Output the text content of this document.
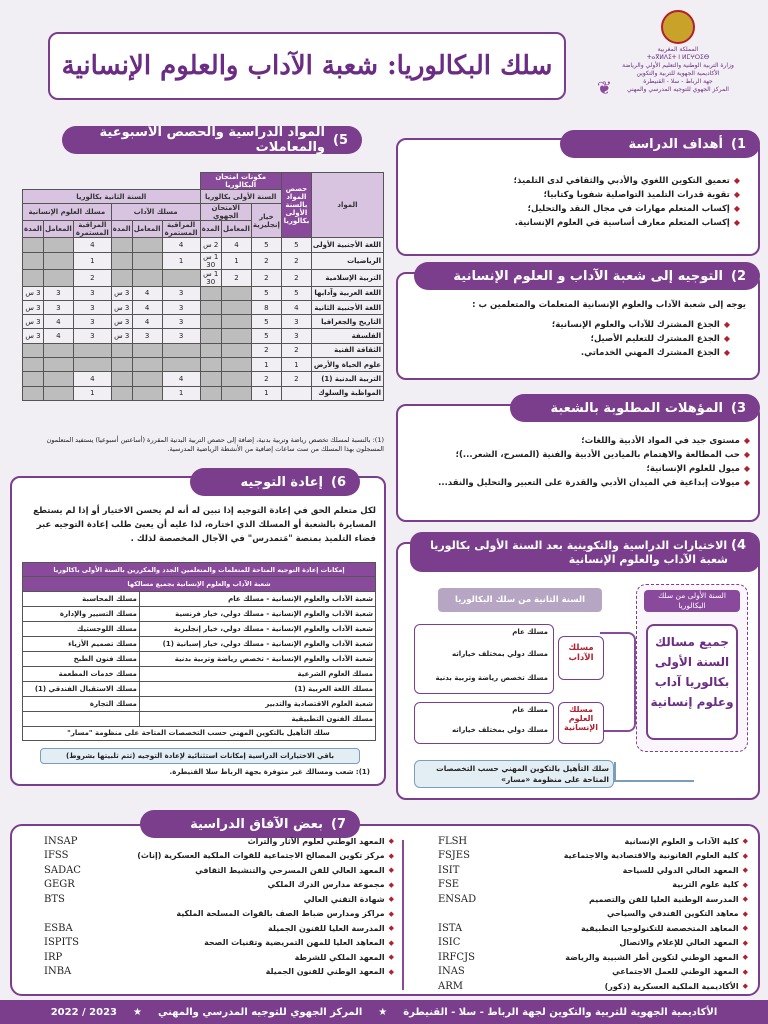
المملكة المغربية
ⵜⴰⴳⵍⴷⵉⵜ ⵏ ⵍⵎⵖⵔⵉⴱ
وزارة التربية الوطنية والتعليم الأولي والرياضة
الأكاديمية الجهوية للتربية والتكوين
جهة الرباط - سلا - القنيطرة
المركز الجهوي للتوجيه المدرسي والمهني
سلك البكالوريا: شعبة الآداب والعلوم الإنسانية
❦
1)
أهداف الدراسة
◆
تعميق التكوين اللغوي والأدبي والثقافي لدى التلميذ؛
◆
تقوية قدرات التلميذ التواصلية شفويا وكتابيا؛
◆
إكساب المتعلم مهارات في مجال النقد والتحليل؛
◆
إكساب المتعلم معارف أساسية في العلوم الإنسانية.
2)
التوجيه إلى شعبة الآداب و العلوم الإنسانية
يوجه إلى شعبة الآداب والعلوم الإنسانية المتعلمات والمتعلمين ب :
◆
الجذع المشترك للآداب والعلوم الإنسانية؛
◆
الجذع المشترك للتعليم الأصيل؛
◆
الجذع المشترك المهني الخدماتي.
3)
المؤهلات المطلوبة بالشعبة
◆
مستوى جيد في المواد الأدبية واللغات؛
◆
حب المطالعة والاهتمام بالميادين الأدبية والفنية (المسرح، الشعر...)؛
◆
ميول للعلوم الإنسانية؛
◆
ميولات إبداعية في الميدان الأدبي والقدرة على التعبير والتحليل والنقد...
4) الاختيارات الدراسية والتكوينية بعد السنة الأولى بكالوريا
شعبة الآداب والعلوم الإنسانية
السنة الأولى من سلك البكالوريا
جميع مسالك السنة الأولى بكالوريا آداب وعلوم إنسانية
السنة الثانية من سلك البكالوريا
مسلك الآداب
مسلك عام
مسلك دولي بمختلف خياراته
مسلك تخصص رياضة وتربية بدنية
مسلك العلوم الإنسانية
مسلك عام
مسلك دولي بمختلف خياراته
سلك التأهيل بالتكوين المهني حسب التخصصات المتاحة على منظومة «مسار»
5)
المواد الدراسية والحصص الأسبوعية والمعاملات
المواد	حصص المواد بالسنة الأولى بكالوريا	مكونات امتحان البكالوريا							
		السنة الأولى بكالوريا			السنة الثانية بكالوريا					
		خيار إنجليزية	الامتحان الجهوي		مسلك الآداب			مسلك العلوم الإنسانية		
			المعامل	المدة	المراقبة المستمرة	المعامل	المدة	المراقبة المستمرة	المعامل	المدة
اللغة الأجنبية الأولى	5	5	4	2 س	4			4		
الرياضيات	2	2	1	1 س 30	1			1		
التربية الإسلامية	2	2	2	1 س 30				2		
اللغة العربية وآدابها	5	5			3	4	3 س	3	3	3 س
اللغة الأجنبية الثانية	4	8			3	4	3 س	3	3	3 س
التاريخ والجغرافيا	3	5			3	4	3 س	3	4	3 س
الفلسفة	3	5			3	3	3 س	3	4	3 س
الثقافة الفنية	2	2								
علوم الحياة والأرض	1	1								
التربية البدنية (1)	2	2			4			4		
المواظبة والسلوك		1			1			1		
(1): بالنسبة لمسلك تخصص رياضة وتربية بدنية، إضافة إلى حصص التربية البدنية المقررة (أساعتين أسبوعيا) يستفيد المتعلمون المسجلون بهذا المسلك من ست ساعات إضافية من الأنشطة الرياضية المدرسية.
6)
إعادة التوجيه
لكل متعلم الحق في إعادة التوجيه إذا تبين له أنه لم يحسن الاختيار أو إذا لم يستطع المسايرة بالشعبة أو المسلك الذي اختاره، لذا عليه أن يعبئ طلب إعادة التوجيه عبر فضاء التلميذ بمنصة "مَتمدرس" في الآجال المخصصة لذلك .
إمكانات إعادة التوجيه المتاحة للمتعلمات والمتعلمين الجدد والمكررين بالسنة الأولى باكالوريا	
شعبة الآداب والعلوم الإنسانية بجميع مسالكها	
شعبة الآداب والعلوم الإنسانية - مسلك عام	مسلك المحاسبة
شعبة الآداب والعلوم الإنسانية - مسلك دولي، خيار فرنسية	مسلك التسيير والإدارة
شعبة الآداب والعلوم الإنسانية - مسلك دولي، خيار إنجليزية	مسلك اللوجستيك
شعبة الآداب والعلوم الإنسانية - مسلك دولي، خيار إسبانية (1)	مسلك تصميم الأزياء
شعبة الآداب والعلوم الإنسانية - تخصص رياضة وتربية بدنية	مسلك فنون الطبخ
مسلك العلوم الشرعية	مسلك خدمات المطعمة
مسلك اللغة العربية (1)	مسلك الاستقبال الفندقي (1)
شعبة العلوم الاقتصادية والتدبير	مسلك التجارة
مسلك الفنون التطبيقية	
سلك التأهيل بالتكوين المهني حسب التخصصات المتاحة على منظومة "مسار"	
باقي الاختيارات الدراسية إمكانات استثنائية لإعادة التوجيه (تتم تلبيتها بشروط)
(1): شعب ومسالك غير متوفرة بجهة الرباط سلا القنيطرة.
7)
بعض الآفاق الدراسية
◆
كلية الآداب و العلوم الإنسانية
FLSH
◆
كلية العلوم القانونية والاقتصادية والاجتماعية
FSJES
◆
المعهد العالي الدولي للسياحة
ISIT
◆
كلية علوم التربية
FSE
◆
المدرسة الوطنية العليا للفن والتصميم
ENSAD
◆
معاهد التكوين الفندقي والسياحي
◆
المعاهد المتخصصة للتكنولوجيا التطبيقية
ISTA
◆
المعهد العالي للإعلام والاتصال
ISIC
◆
المعهد الوطني لتكوين أطر الشبيبة والرياضة
IRFCJS
◆
المعهد الوطني للعمل الاجتماعي
INAS
◆
الأكاديمية الملكية العسكرية (ذكور)
ARM
◆
المعهد الوطني لعلوم الآثار والتراث
INSAP
◆
مركز تكوين المصالح الاجتماعية للقوات الملكية العسكرية (إناث)
IFSS
◆
المعهد العالي للفن المسرحي والتنشيط الثقافي
SADAC
◆
مجموعة مدارس الدرك الملكي
GEGR
◆
شهادة التقني العالي
BTS
◆
مراكز ومدارس ضباط الصف بالقوات المسلحة الملكية
◆
المدرسة العليا للفنون الجميلة
ESBA
◆
المعاهد العليا للمهن التمريضية وتقنيات الصحة
ISPITS
◆
المعهد الملكي للشرطة
IRP
◆
المعهد الوطني للفنون الجميلة
INBA
الأكاديمية الجهوية للتربية والتكوين لجهة الرباط - سلا - القنيطرة
★
المركز الجهوي للتوجيه المدرسي والمهني
★
2023 / 2022
